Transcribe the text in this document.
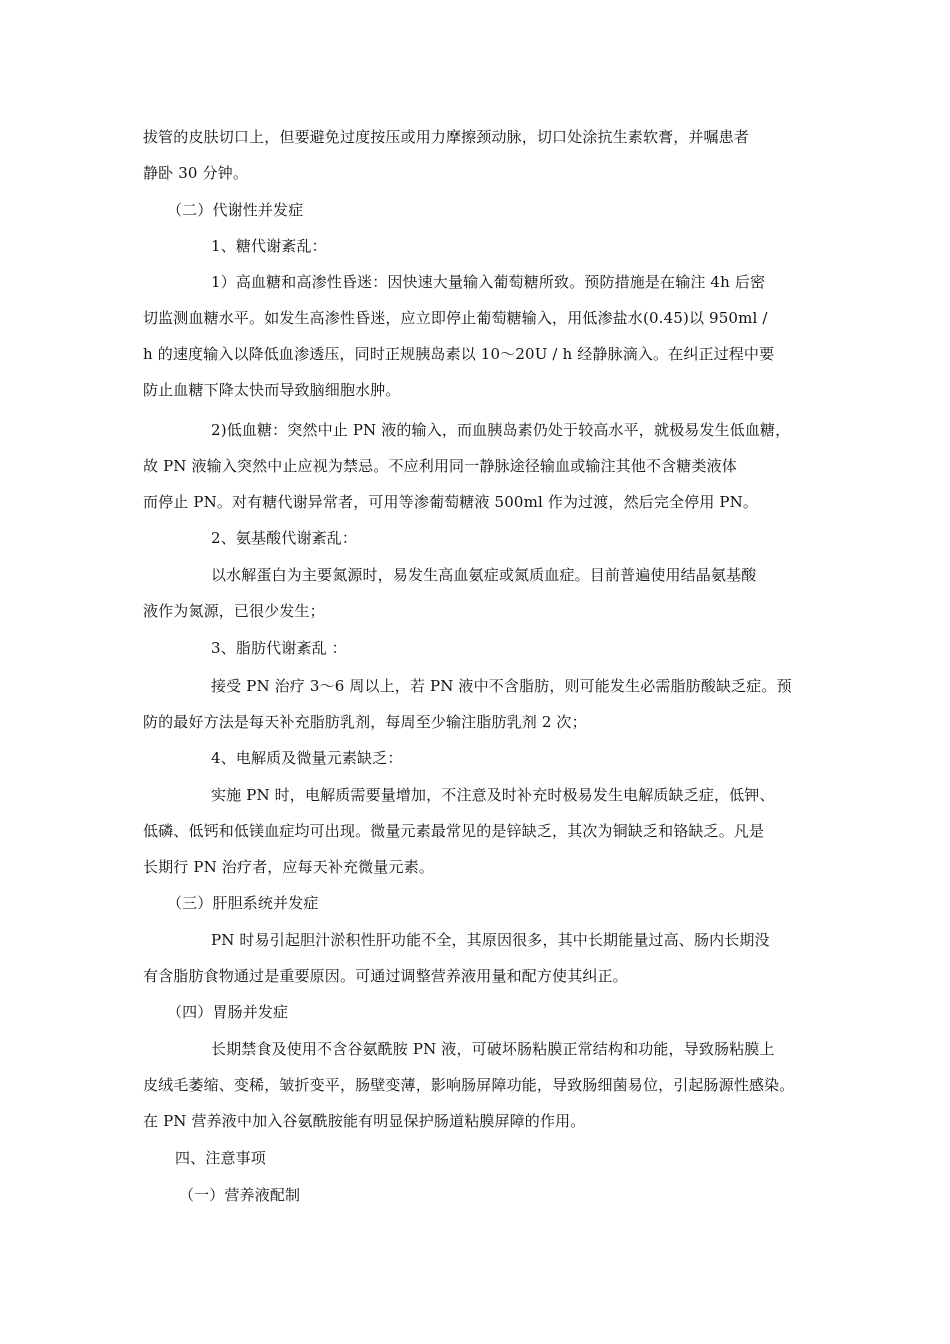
拔管的皮肤切口上，但要避免过度按压或用力摩擦颈动脉，切口处涂抗生素软膏，并嘱患者
静卧 30 分钟。
（二）代谢性并发症
1、糖代谢紊乱：
1）高血糖和高渗性昏迷：因快速大量输入葡萄糖所致。预防措施是在输注 4h 后密
切监测血糖水平。如发生高渗性昏迷，应立即停止葡萄糖输入，用低渗盐水(0.45)以 950ml /
h 的速度输入以降低血渗透压，同时正规胰岛素以 10～20U / h 经静脉滴入。在纠正过程中要
防止血糖下降太快而导致脑细胞水肿。
2)低血糖：突然中止 PN 液的输入，而血胰岛素仍处于较高水平，就极易发生低血糖，
故 PN 液输入突然中止应视为禁忌。不应利用同一静脉途径输血或输注其他不含糖类液体
而停止 PN。对有糖代谢异常者，可用等渗葡萄糖液 500ml 作为过渡，然后完全停用 PN。
2、氨基酸代谢紊乱：
以水解蛋白为主要氮源时，易发生高血氨症或氮质血症。目前普遍使用结晶氨基酸
液作为氮源，已很少发生；
3、脂肪代谢紊乱 ：
接受 PN 治疗 3～6 周以上，若 PN 液中不含脂肪，则可能发生必需脂肪酸缺乏症。预
防的最好方法是每天补充脂肪乳剂，每周至少输注脂肪乳剂 2 次；
4、电解质及微量元素缺乏：
实施 PN 时，电解质需要量增加，不注意及时补充时极易发生电解质缺乏症，低钾、
低磷、低钙和低镁血症均可出现。微量元素最常见的是锌缺乏，其次为铜缺乏和铬缺乏。凡是
长期行 PN 治疗者，应每天补充微量元素。
（三）肝胆系统并发症
PN 时易引起胆汁淤积性肝功能不全，其原因很多，其中长期能量过高、肠内长期没
有含脂肪食物通过是重要原因。可通过调整营养液用量和配方使其纠正。
（四）胃肠并发症
长期禁食及使用不含谷氨酰胺 PN 液，可破坏肠粘膜正常结构和功能，导致肠粘膜上
皮绒毛萎缩、变稀，皱折变平，肠壁变薄，影响肠屏障功能，导致肠细菌易位，引起肠源性感染。
在 PN 营养液中加入谷氨酰胺能有明显保护肠道粘膜屏障的作用。
四、注意事项
（一）营养液配制
